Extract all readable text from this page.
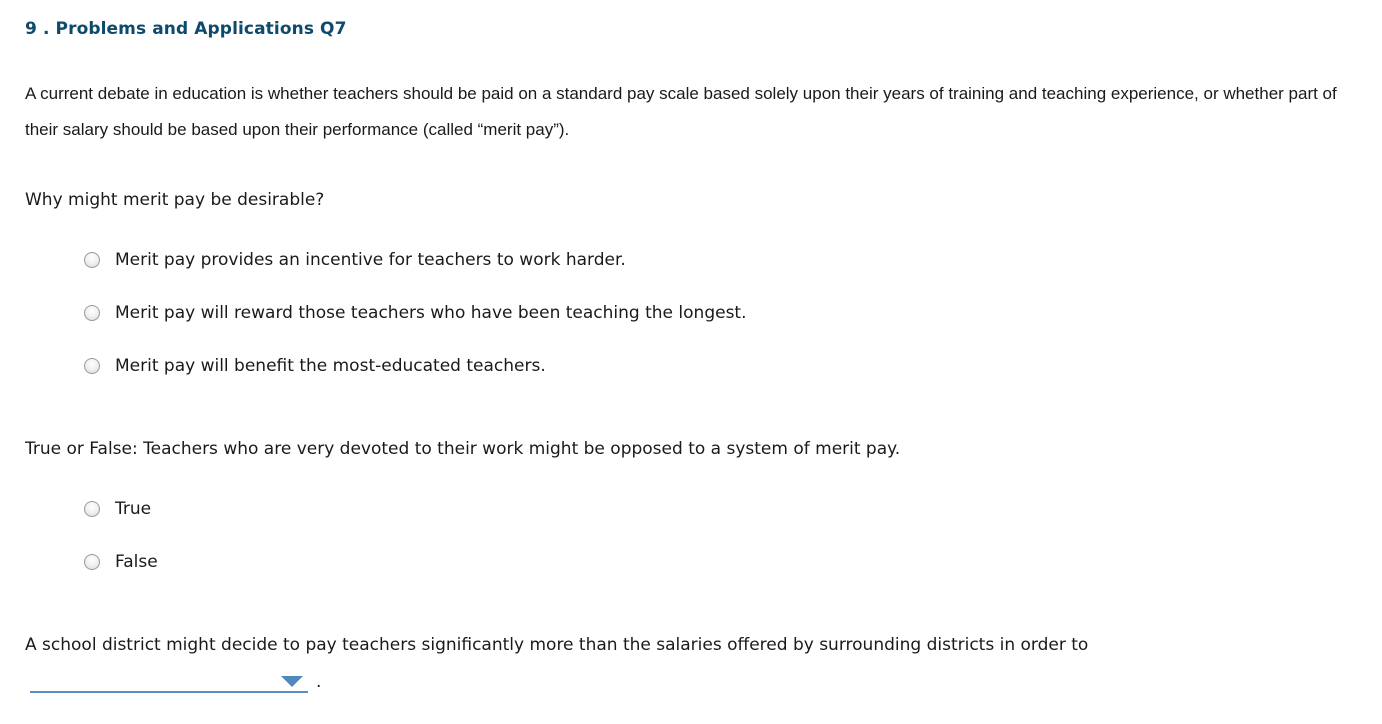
9 . Problems and Applications Q7
A current debate in education is whether teachers should be paid on a standard pay scale based solely upon their years of training and teaching experience, or whether part of their salary should be based upon their performance (called “merit pay”).
Why might merit pay be desirable?
Merit pay provides an incentive for teachers to work harder.
Merit pay will reward those teachers who have been teaching the longest.
Merit pay will benefit the most-educated teachers.
True or False: Teachers who are very devoted to their work might be opposed to a system of merit pay.
True
False
A school district might decide to pay teachers significantly more than the salaries offered by surrounding districts in order to
.
